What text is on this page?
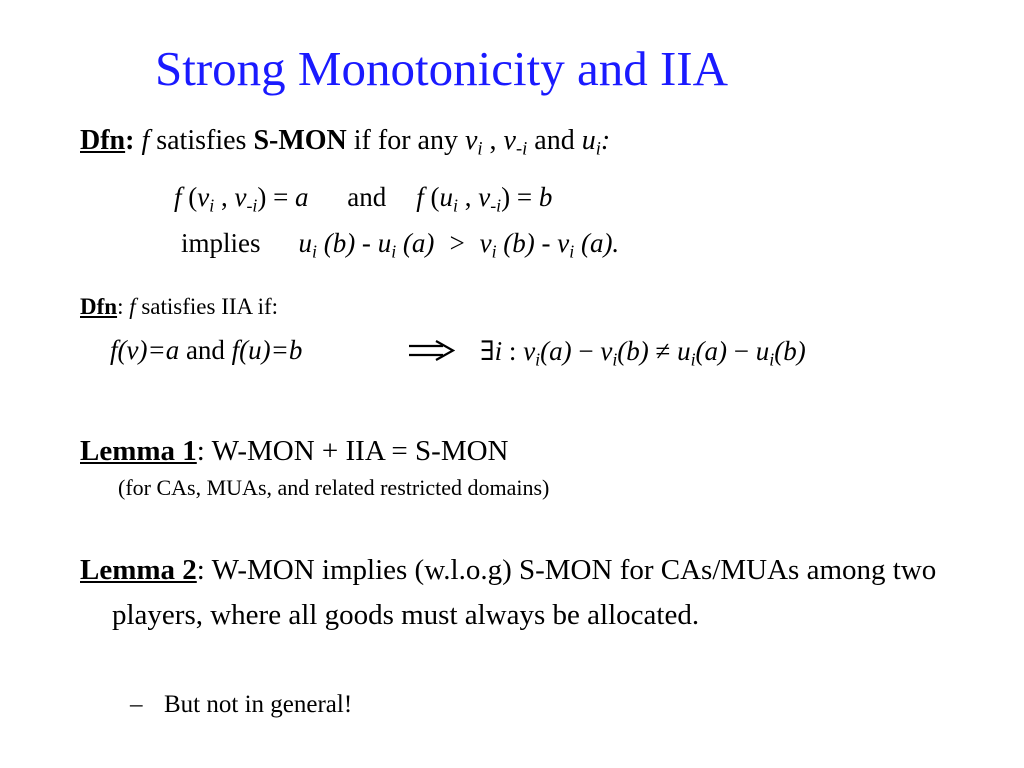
Strong Monotonicity and IIA
Dfn: f satisfies S-MON if for any $v_i$ , $v_{-i}$ and $u_i$:
f ($v_i$ , $v_{-i}) = a$ and f ($u_i$ , $v_{-i}) = b$
implies $u_i$ $(b) - u_i$ $(a) > v_i$ $(b) - v_i$ (a).
Dfn: f satisfies IIA if:
f(v)=a and f(u)=b	∃i : $v_i(a) - v_i(b) \ne u_i(a) - u_i(b)$
Lemma 1: W-MON + IIA = S-MON
(for CAs, MUAs, and related restricted domains)
Lemma 2: W-MON implies (w.l.o.g) S-MON for CAs/MUAs among two players, where all goods must always be allocated.
– But not in general!
